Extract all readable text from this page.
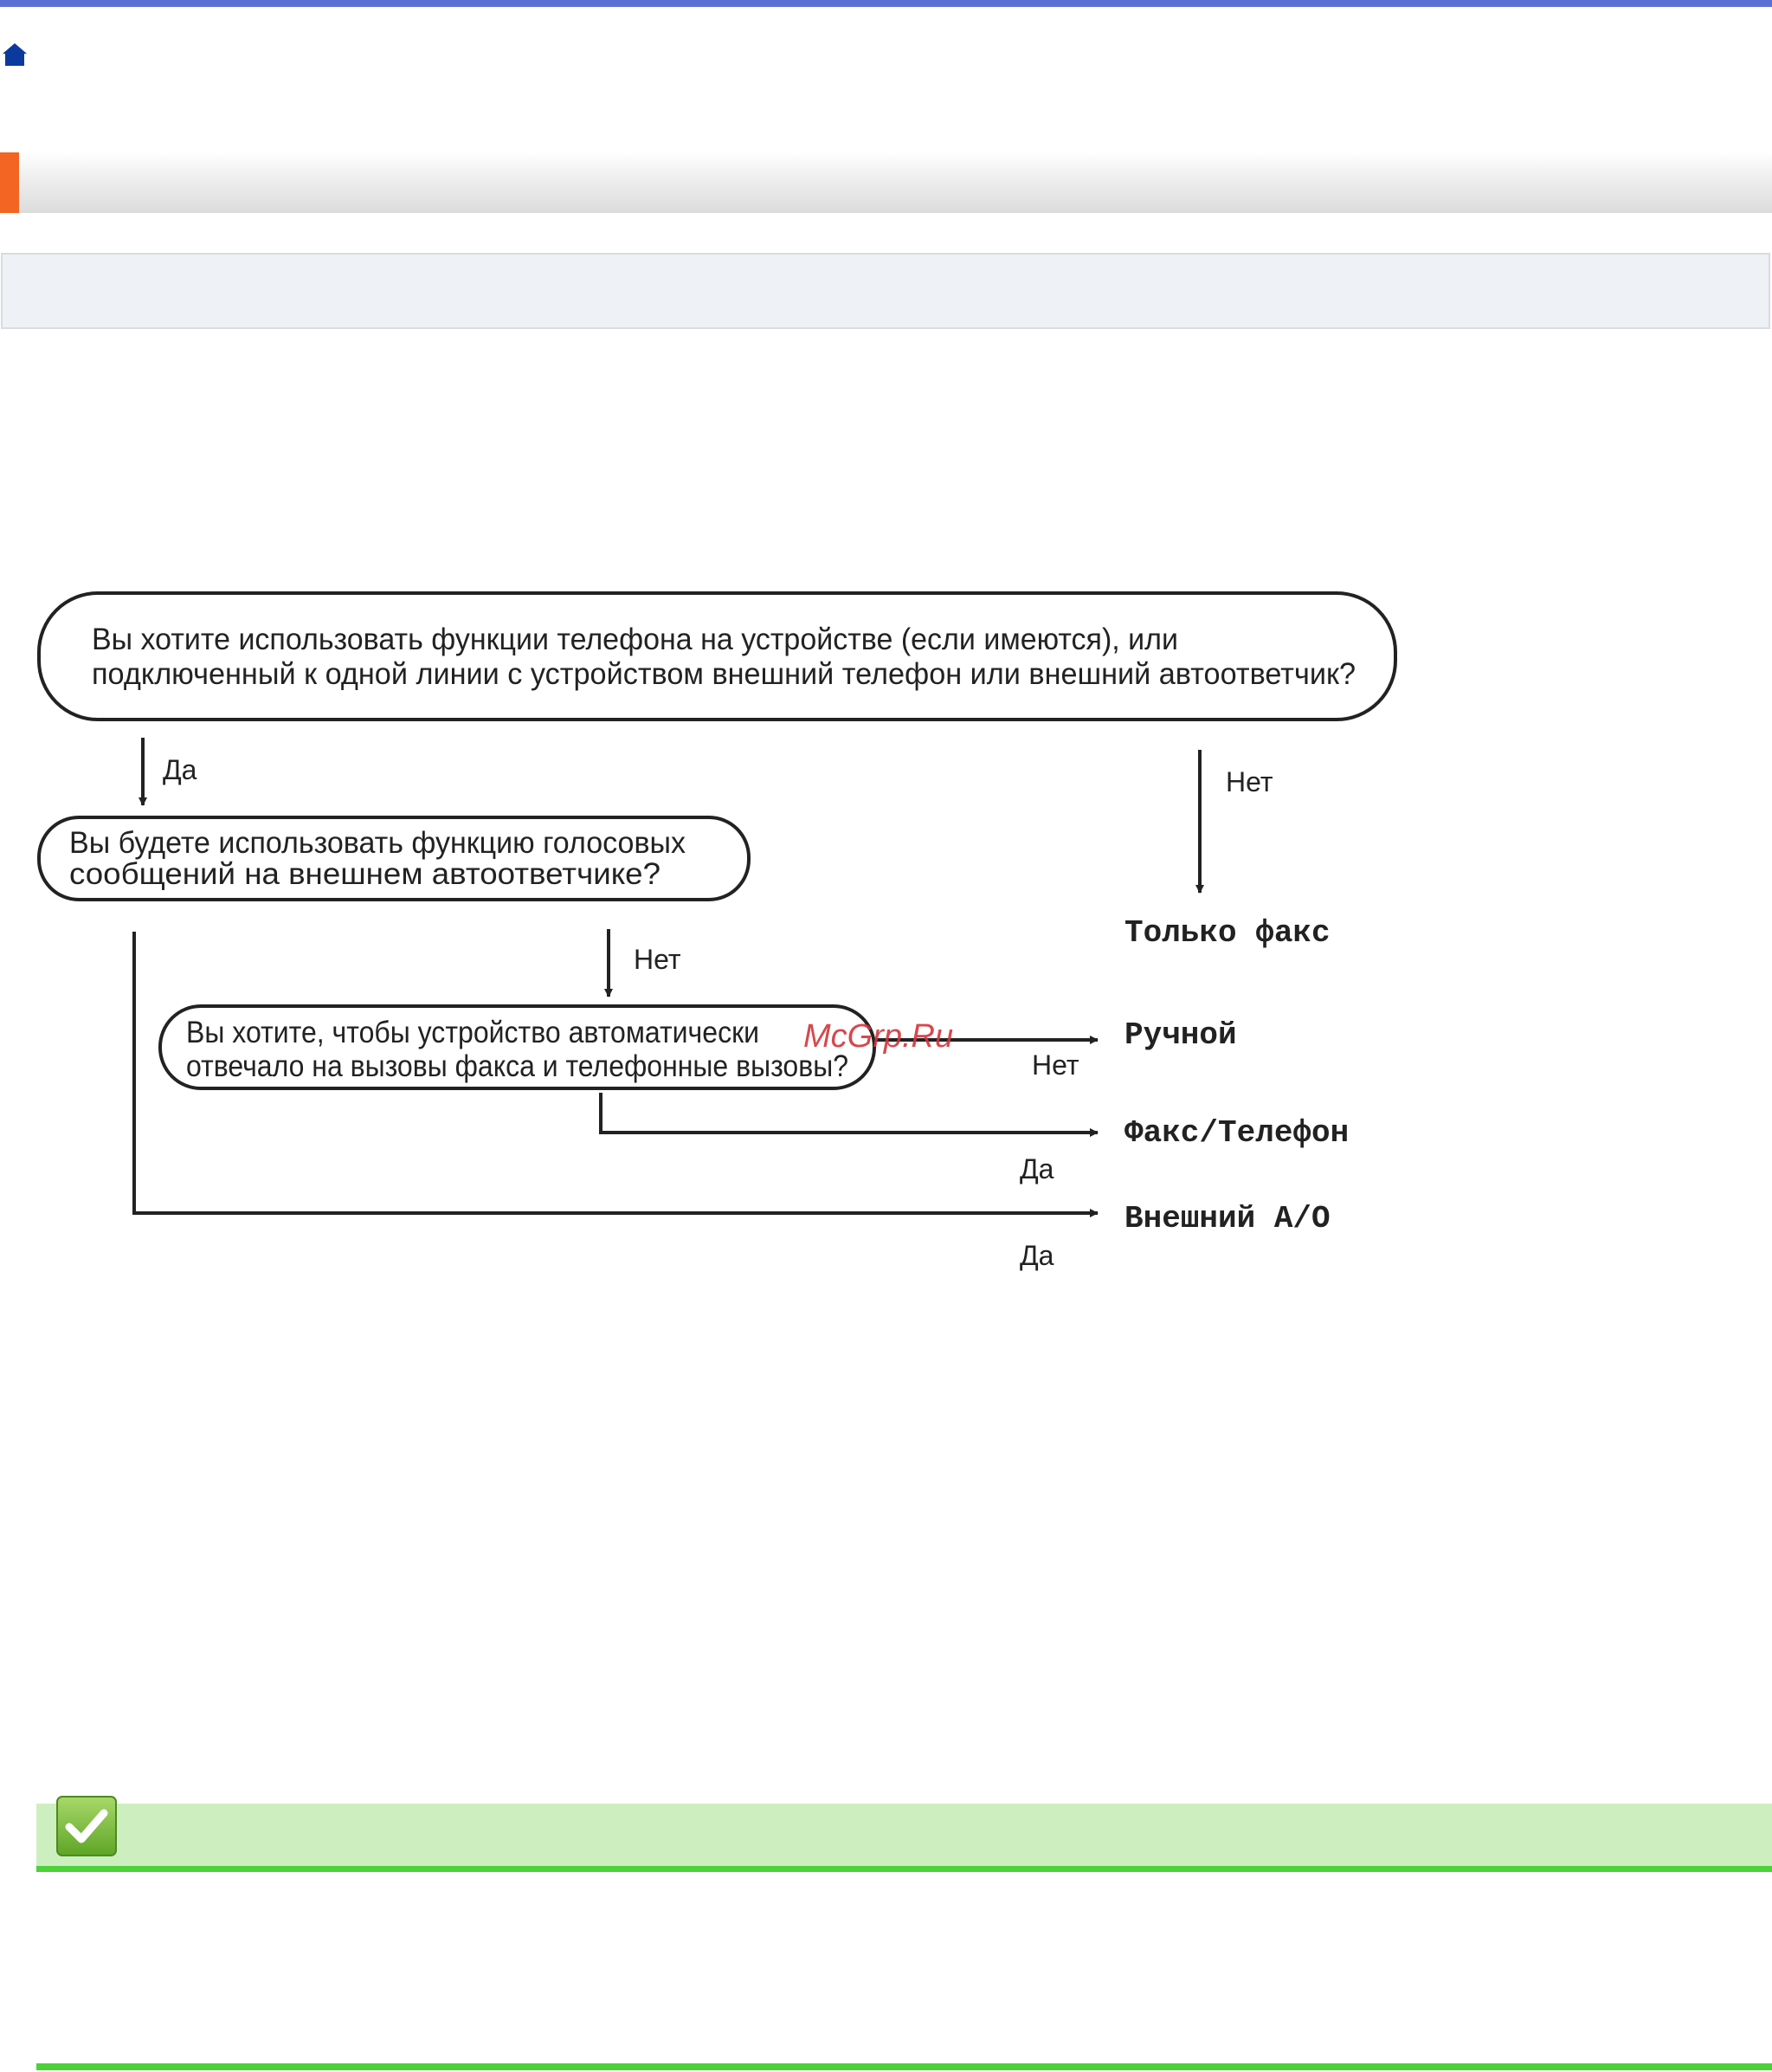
Вы хотите использовать функции телефона на устройстве (если имеются), или
подключенный к одной линии с устройством внешний телефон или внешний автоответчик?
Да	Нет
Вы будете использовать функцию голосовых
сообщений на внешнем автоответчике?
Нет
Вы хотите, чтобы устройство автоматически
отвечало на вызовы факса и телефонные вызовы?	Нет
Да
Да
Только факс
Ручной
Факс/Телефон
Внешний А/О
McGrp.Ru
